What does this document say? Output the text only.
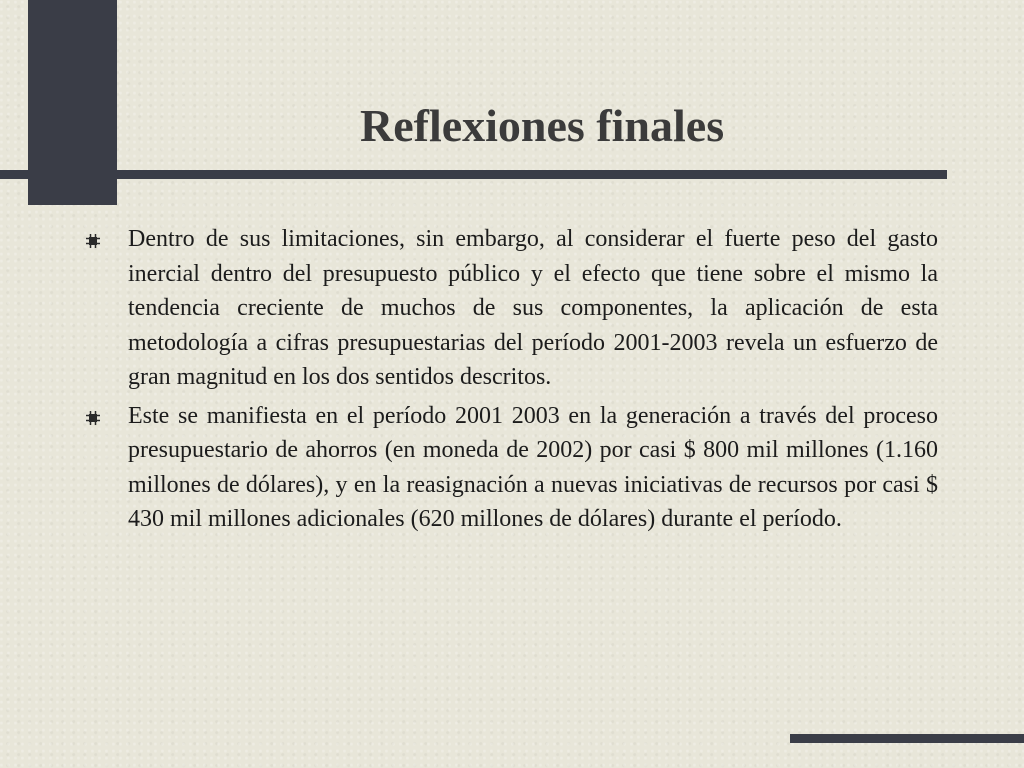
Reflexiones finales
Dentro de sus limitaciones, sin embargo, al considerar el fuerte peso del gasto inercial dentro del presupuesto público y el efecto que tiene sobre el mismo la tendencia creciente de muchos de sus componentes, la aplicación de esta metodología a cifras presupuestarias del período 2001-2003 revela un esfuerzo de gran magnitud en los dos sentidos descritos.
Este se manifiesta en el período 2001 2003 en la generación a través del proceso presupuestario de ahorros (en moneda de 2002) por casi $ 800 mil millones (1.160 millones de dólares), y en la reasignación a nuevas iniciativas de recursos por casi $ 430 mil millones adicionales (620 millones de dólares) durante el período.
